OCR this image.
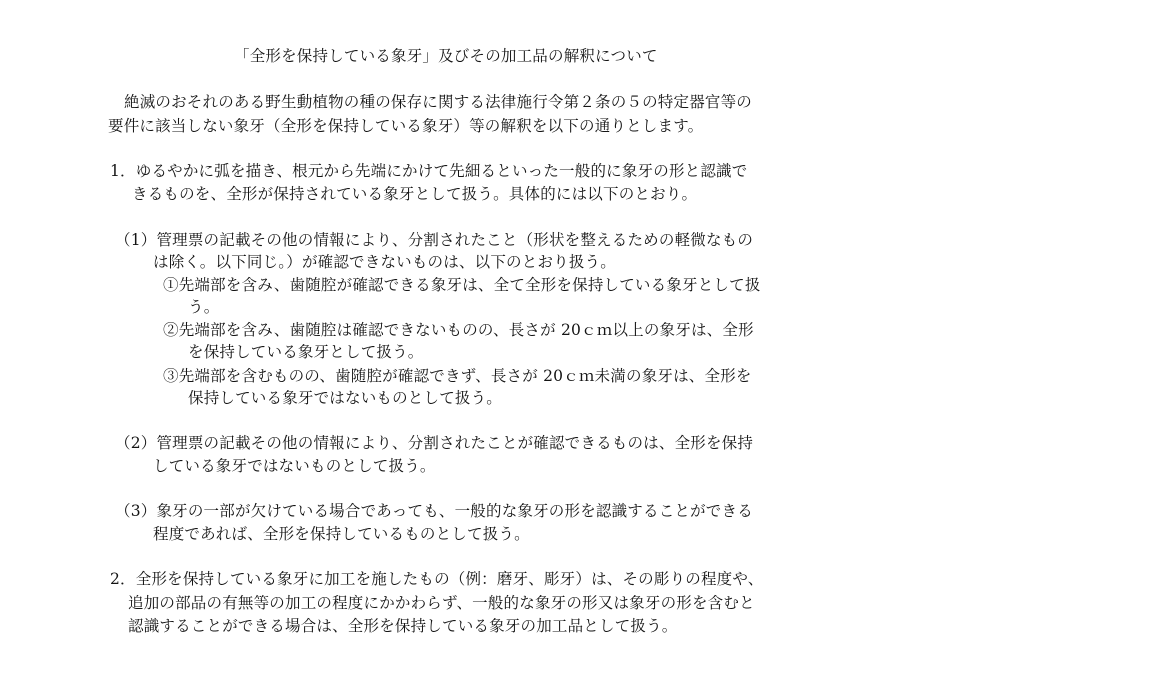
「全形を保持している象牙」及びその加工品の解釈について
絶滅のおそれのある野生動植物の種の保存に関する法律施行令第２条の５の特定器官等の
要件に該当しない象牙（全形を保持している象牙）等の解釈を以下の通りとします。
1．ゆるやかに弧を描き、根元から先端にかけて先細るといった一般的に象牙の形と認識で
きるものを、全形が保持されている象牙として扱う。具体的には以下のとおり。
（1）管理票の記載その他の情報により、分割されたこと（形状を整えるための軽微なもの
は除く。以下同じ。）が確認できないものは、以下のとおり扱う。
①先端部を含み、歯随腔が確認できる象牙は、全て全形を保持している象牙として扱
う。
②先端部を含み、歯随腔は確認できないものの、長さが 20ｃｍ以上の象牙は、全形
を保持している象牙として扱う。
③先端部を含むものの、歯随腔が確認できず、長さが 20ｃｍ未満の象牙は、全形を
保持している象牙ではないものとして扱う。
（2）管理票の記載その他の情報により、分割されたことが確認できるものは、全形を保持
している象牙ではないものとして扱う。
（3）象牙の一部が欠けている場合であっても、一般的な象牙の形を認識することができる
程度であれば、全形を保持しているものとして扱う。
2．全形を保持している象牙に加工を施したもの（例：磨牙、彫牙）は、その彫りの程度や、
追加の部品の有無等の加工の程度にかかわらず、一般的な象牙の形又は象牙の形を含むと
認識することができる場合は、全形を保持している象牙の加工品として扱う。
